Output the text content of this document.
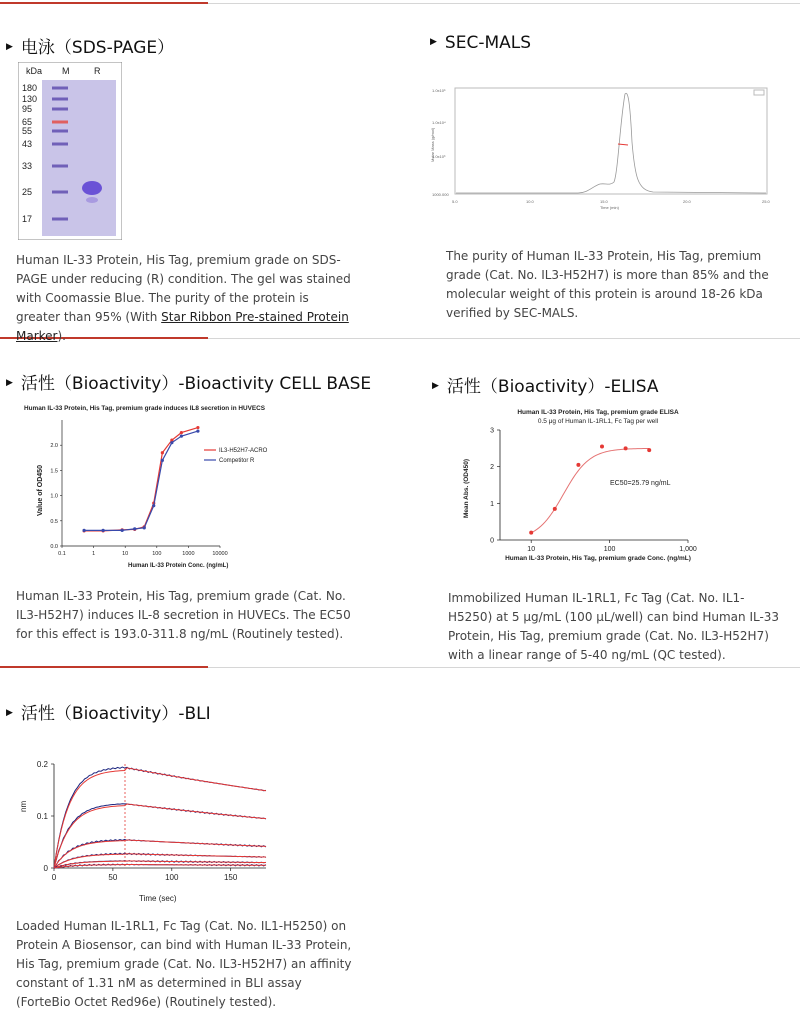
▶ 电泳（SDS-PAGE）
kDa M	R
180
130
95
65
55
43
33
25
17
Human IL-33 Protein, His Tag, premium grade on SDS-PAGE under reducing (R) condition. The gel was stained with Coomassie Blue. The purity of the protein is greater than 95% (With Star Ribbon Pre-stained Protein Marker).
▶ SEC-MALS
1.0x10⁵
1.0x10⁴
1.0x10³
1000.000
Molar Mass (g/mol)
5.0	10.0	15.0	20.0	25.0
Time (min)
The purity of Human IL-33 Protein, His Tag, premium grade (Cat. No. IL3-H52H7) is more than 85% and the molecular weight of this protein is around 18-26 kDa verified by SEC-MALS.
▶ 活性（Bioactivity）-Bioactivity CELL BASE
Human IL-33 Protein, His Tag, premium grade induces IL8 secretion in HUVECS
Value of OD450
Human IL-33 Protein Conc. (ng/mL)
0.1	1	10	100	1000	10000
0.0
0.5
1.0
1.5
2.0
IL3-H52H7-ACRO
Competitor R
Human IL-33 Protein, His Tag, premium grade (Cat. No. IL3-H52H7) induces IL-8 secretion in HUVECs. The EC50 for this effect is 193.0-311.8 ng/mL (Routinely tested).
▶ 活性（Bioactivity）-ELISA
Human IL-33 Protein, His Tag, premium grade ELISA
0.5 μg of Human IL-1RL1, Fc Tag per well
Mean Abs. (OD450)
Human IL-33 Protein, His Tag, premium grade Conc. (ng/mL)
10	100	1,000
0
1
2
3
EC50=25.79 ng/mL
Immobilized Human IL-1RL1, Fc Tag (Cat. No. IL1-H5250) at 5 μg/mL (100 μL/well) can bind Human IL-33 Protein, His Tag, premium grade (Cat. No. IL3-H52H7) with a linear range of 5-40 ng/mL (QC tested).
▶ 活性（Bioactivity）-BLI
nm
Time (sec)
0	50	100	150
0
0.1
0.2
Loaded Human IL-1RL1, Fc Tag (Cat. No. IL1-H5250) on Protein A Biosensor, can bind with Human IL-33 Protein, His Tag, premium grade (Cat. No. IL3-H52H7) an affinity constant of 1.31 nM as determined in BLI assay (ForteBio Octet Red96e) (Routinely tested).
